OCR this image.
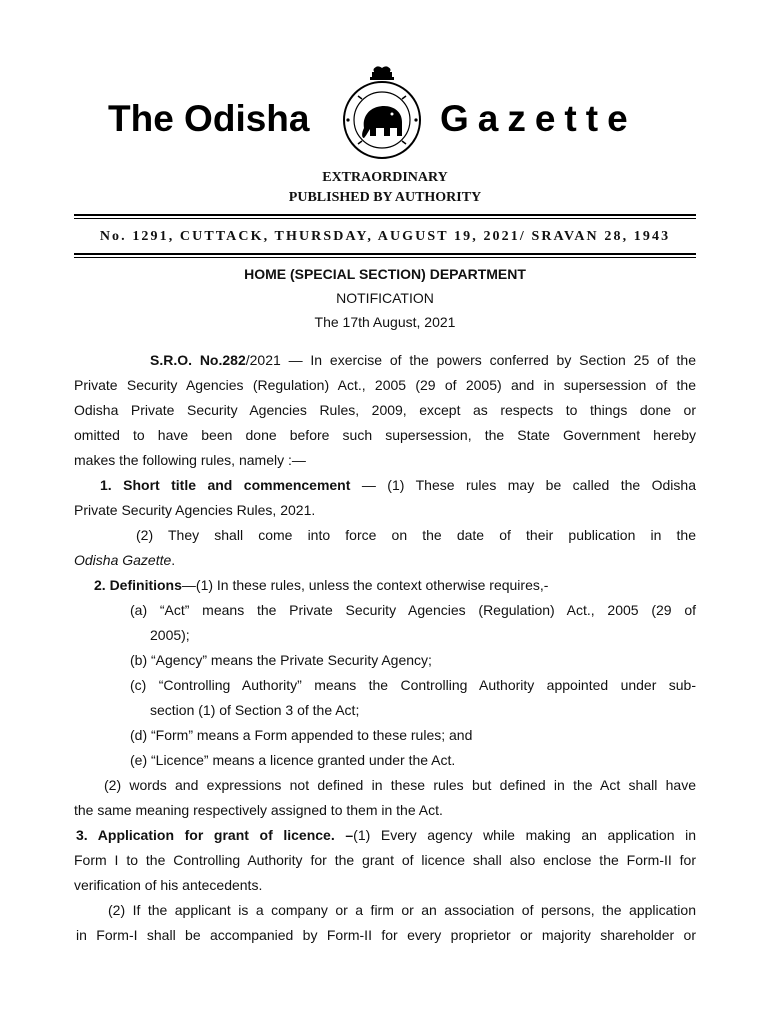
The Odisha	Gazette
EXTRAORDINARY
PUBLISHED BY AUTHORITY
No. 1291, CUTTACK, THURSDAY, AUGUST 19, 2021/ SRAVAN 28, 1943
HOME (SPECIAL SECTION) DEPARTMENT
NOTIFICATION
The 17th August, 2021
S.R.O. No.282/2021 — In exercise of the powers conferred by Section 25 of the
Private Security Agencies (Regulation) Act., 2005 (29 of 2005) and in supersession of the
Odisha Private Security Agencies Rules, 2009, except as respects to things done or
omitted to have been done before such supersession, the State Government hereby
makes the following rules, namely :—
1. Short title and commencement — (1) These rules may be called the Odisha
Private Security Agencies Rules, 2021.
(2) They shall come into force on the date of their publication in the
Odisha Gazette.
2. Definitions—(1) In these rules, unless the context otherwise requires,-
(a) “Act” means the Private Security Agencies (Regulation) Act., 2005 (29 of
2005);
(b) “Agency” means the Private Security Agency;
(c) “Controlling Authority” means the Controlling Authority appointed under sub-
section (1) of Section 3 of the Act;
(d) “Form” means a Form appended to these rules; and
(e) “Licence” means a licence granted under the Act.
(2) words and expressions not defined in these rules but defined in the Act shall have
the same meaning respectively assigned to them in the Act.
3. Application for grant of licence. –(1) Every agency while making an application in
Form I to the Controlling Authority for the grant of licence shall also enclose the Form-II for
verification of his antecedents.
(2) If the applicant is a company or a firm or an association of persons, the application
in Form-I shall be accompanied by Form-II for every proprietor or majority shareholder or
